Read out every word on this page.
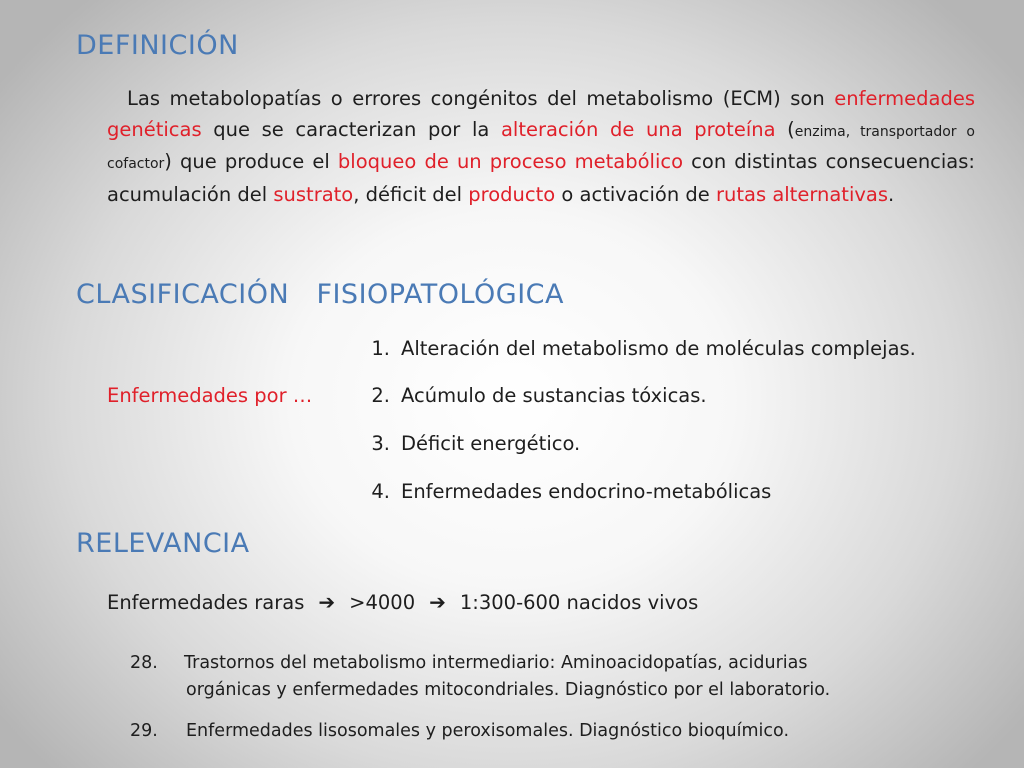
DEFINICIÓN
Las metabolopatías o errores congénitos del metabolismo (ECM) son enfermedades genéticas que se caracterizan por la alteración de una proteína (enzima, transportador o cofactor) que produce el bloqueo de un proceso metabólico con distintas consecuencias: acumulación del sustrato, déficit del producto o activación de rutas alternativas.
CLASIFICACIÓN   FISIOPATOLÓGICA
Enfermedades por …
1. Alteración del metabolismo de moléculas complejas.
2. Acúmulo de sustancias tóxicas.
3. Déficit energético.
4. Enfermedades endocrino-metabólicas
RELEVANCIA
Enfermedades raras ➔ >4000 ➔ 1:300-600 nacidos vivos
28. Trastornos del metabolismo intermediario: Aminoacidopatías, acidurias
orgánicas y enfermedades mitocondriales. Diagnóstico por el laboratorio.
29. Enfermedades lisosomales y peroxisomales. Diagnóstico bioquímico.
